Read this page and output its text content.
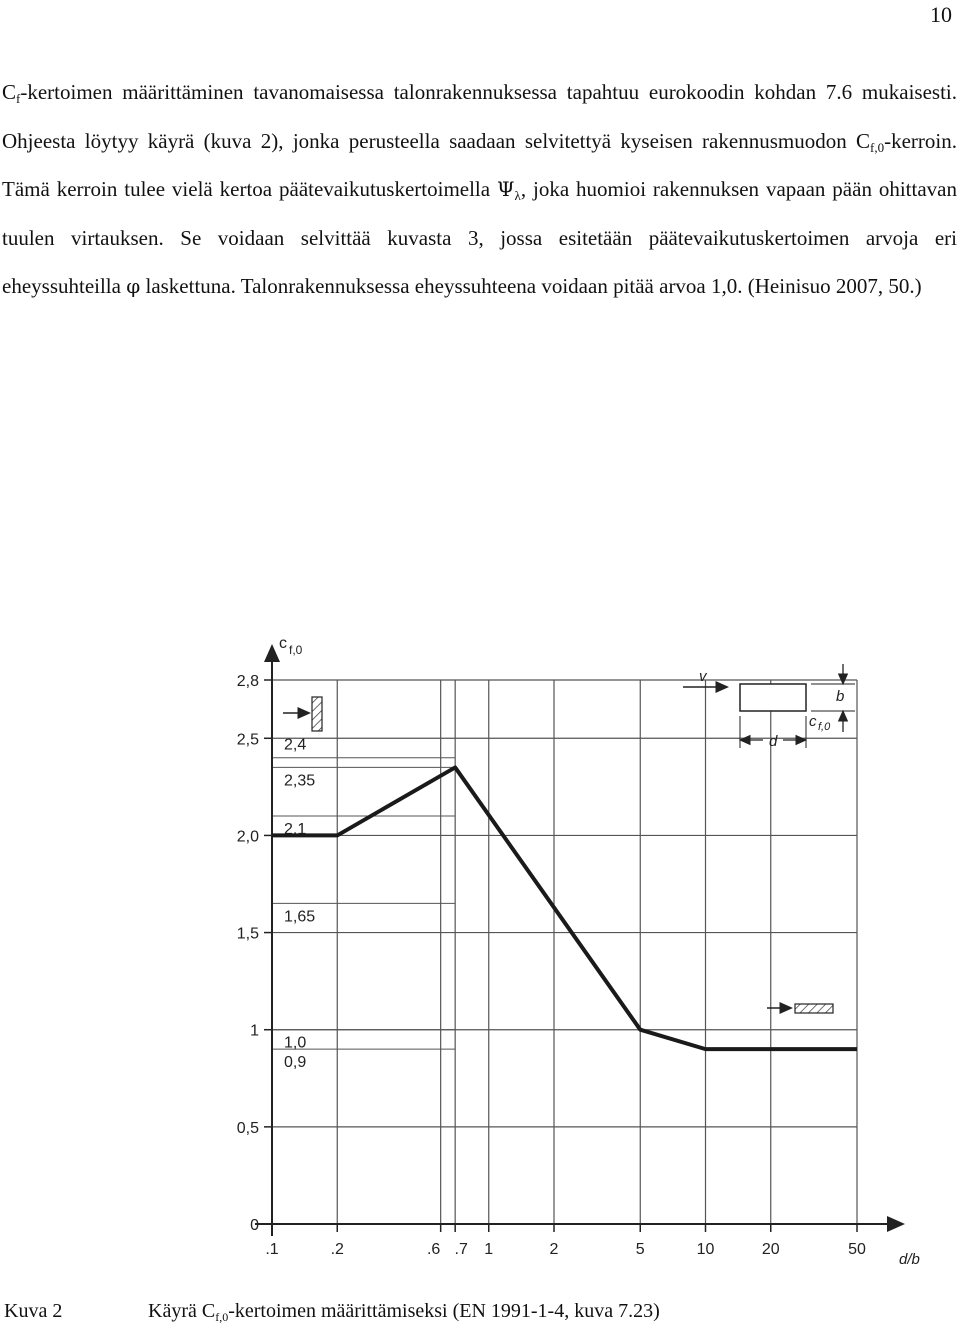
10

$C_f$-kertoimen määrittäminen tavanomaisessa talonrakennuksessa tapahtuu eurokoodin kohdan 7.6 mukaisesti. Ohjeesta löytyy käyrä (kuva 2), jonka perusteella saadaan selvitettyä kyseisen rakennusmuodon $C_{f,0}$-kerroin. Tämä kerroin tulee vielä kertoa päätevaikutuskertoimella $\Psi_\lambda$, joka huomioi rakennuksen vapaan pään ohittavan tuulen virtauksen. Se voidaan selvittää kuvasta 3, jossa esitetään päätevaikutuskertoimen arvoja eri eheyssuhteilla φ laskettuna. Talonrakennuksessa eheyssuhteena voidaan pitää arvoa 1,0. (Heinisuo 2007, 50.)

c f,0
d/b
0
0,5
1
1,5
2,0
2,5
2,8
.1	.2	.6 .7 1	2	5	10	20	50
2,4
2,35
2,1
1,65
1,0
0,9
v
b
c f,0
d
Kuva 2	Käyrä $C_{f,0}$-kertoimen määrittämiseksi (EN 1991-1-4, kuva 7.23)
